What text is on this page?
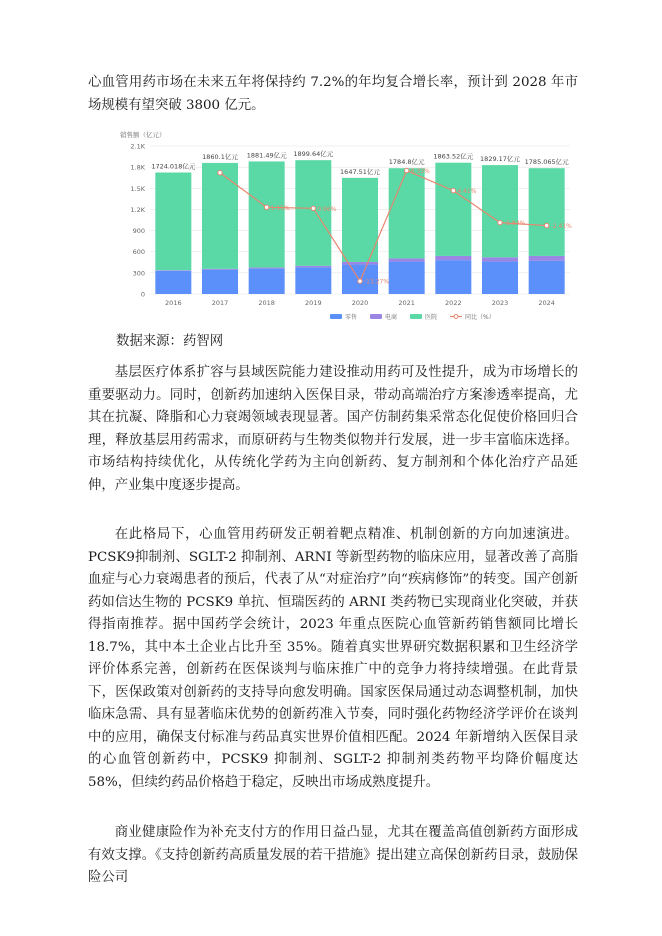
心血管用药市场在未来五年将保持约 7.2%的年均复合增长率，预计到 2028 年市场规模有望突破 3800 亿元。

销售额（亿元）
0
300
600
900
1.2K
1.5K
1.8K
2.1K
2016
1724.018亿元
2017
1860.1亿元
2018
1881.49亿元
2019
1899.64亿元
2020
1647.51亿元
2021
1784.8亿元
2022
1863.52亿元
2023
1829.17亿元
2024
1785.065亿元
1.15%	0.96%
-13.27%
8.33%
4.41%
-1.84%	-2.41%
零售	电商	医院	同比（%）

数据来源：药智网

基层医疗体系扩容与县域医院能力建设推动用药可及性提升，成为市场增长的重要驱动力。同时，创新药加速纳入医保目录，带动高端治疗方案渗透率提高，尤其在抗凝、降脂和心力衰竭领域表现显著。国产仿制药集采常态化促使价格回归合理，释放基层用药需求，而原研药与生物类似物并行发展，进一步丰富临床选择。市场结构持续优化，从传统化学药为主向创新药、复方制剂和个体化治疗产品延伸，产业集中度逐步提高。

在此格局下，心血管用药研发正朝着靶点精准、机制创新的方向加速演进。PCSK9抑制剂、SGLT-2 抑制剂、ARNI 等新型药物的临床应用，显著改善了高脂血症与心力衰竭患者的预后，代表了从“对症治疗”向“疾病修饰”的转变。国产创新药如信达生物的 PCSK9 单抗、恒瑞医药的 ARNI 类药物已实现商业化突破，并获得指南推荐。据中国药学会统计，2023 年重点医院心血管新药销售额同比增长 18.7%，其中本土企业占比升至 35%。随着真实世界研究数据积累和卫生经济学评价体系完善，创新药在医保谈判与临床推广中的竞争力将持续增强。在此背景下，医保政策对创新药的支持导向愈发明确。国家医保局通过动态调整机制，加快临床急需、具有显著临床优势的创新药准入节奏，同时强化药物经济学评价在谈判中的应用，确保支付标准与药品真实世界价值相匹配。2024 年新增纳入医保目录的心血管创新药中，PCSK9 抑制剂、SGLT-2 抑制剂类药物平均降价幅度达 58%，但续约药品价格趋于稳定，反映出市场成熟度提升。

商业健康险作为补充支付方的作用日益凸显，尤其在覆盖高值创新药方面形成有效支撑。《支持创新药高质量发展的若干措施》提出建立高保创新药目录，鼓励保险公司
